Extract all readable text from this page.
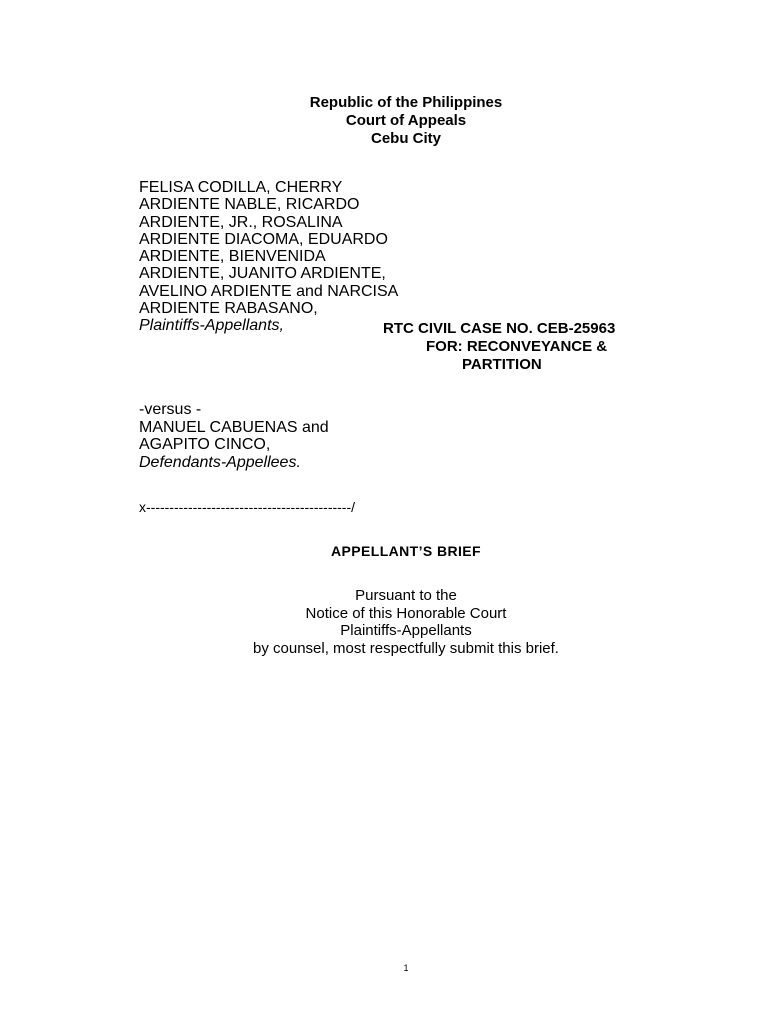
Republic of the Philippines
Court of Appeals
Cebu City
FELISA CODILLA, CHERRY
ARDIENTE NABLE, RICARDO
ARDIENTE, JR., ROSALINA
ARDIENTE DIACOMA, EDUARDO
ARDIENTE, BIENVENIDA
ARDIENTE, JUANITO ARDIENTE,
AVELINO ARDIENTE and NARCISA
ARDIENTE RABASANO,
Plaintiffs-Appellants,	RTC CIVIL CASE NO. CEB-25963
FOR: RECONVEYANCE &
PARTITION
-versus -
MANUEL CABUENAS and
AGAPITO CINCO,
Defendants-Appellees.
x--------------------------------------------/
APPELLANT’S BRIEF
Pursuant to the
Notice of this Honorable Court
Plaintiffs-Appellants
by counsel, most respectfully submit this brief.
1
